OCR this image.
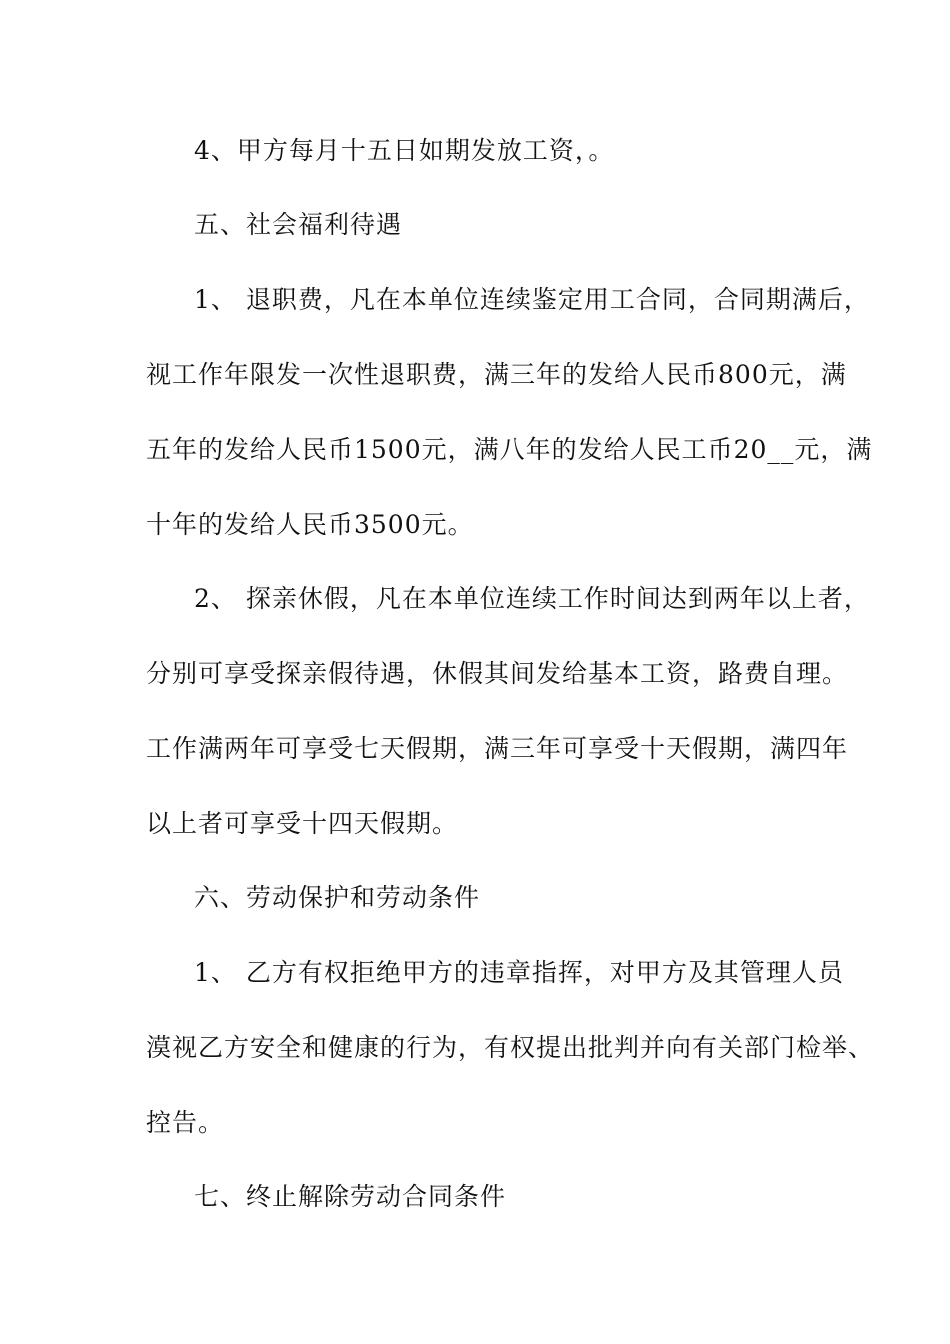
4、甲方每月十五日如期发放工资，。
五、社会福利待遇
1、 退职费，凡在本单位连续鉴定用工合同，合同期满后，
视工作年限发一次性退职费，满三年的发给人民币800元，满
五年的发给人民币1500元，满八年的发给人民工币20__元，满
十年的发给人民币3500元。
2、 探亲休假，凡在本单位连续工作时间达到两年以上者，
分别可享受探亲假待遇，休假其间发给基本工资，路费自理。
工作满两年可享受七天假期，满三年可享受十天假期，满四年
以上者可享受十四天假期。
六、劳动保护和劳动条件
1、 乙方有权拒绝甲方的违章指挥，对甲方及其管理人员
漠视乙方安全和健康的行为，有权提出批判并向有关部门检举、
控告。
七、终止解除劳动合同条件
